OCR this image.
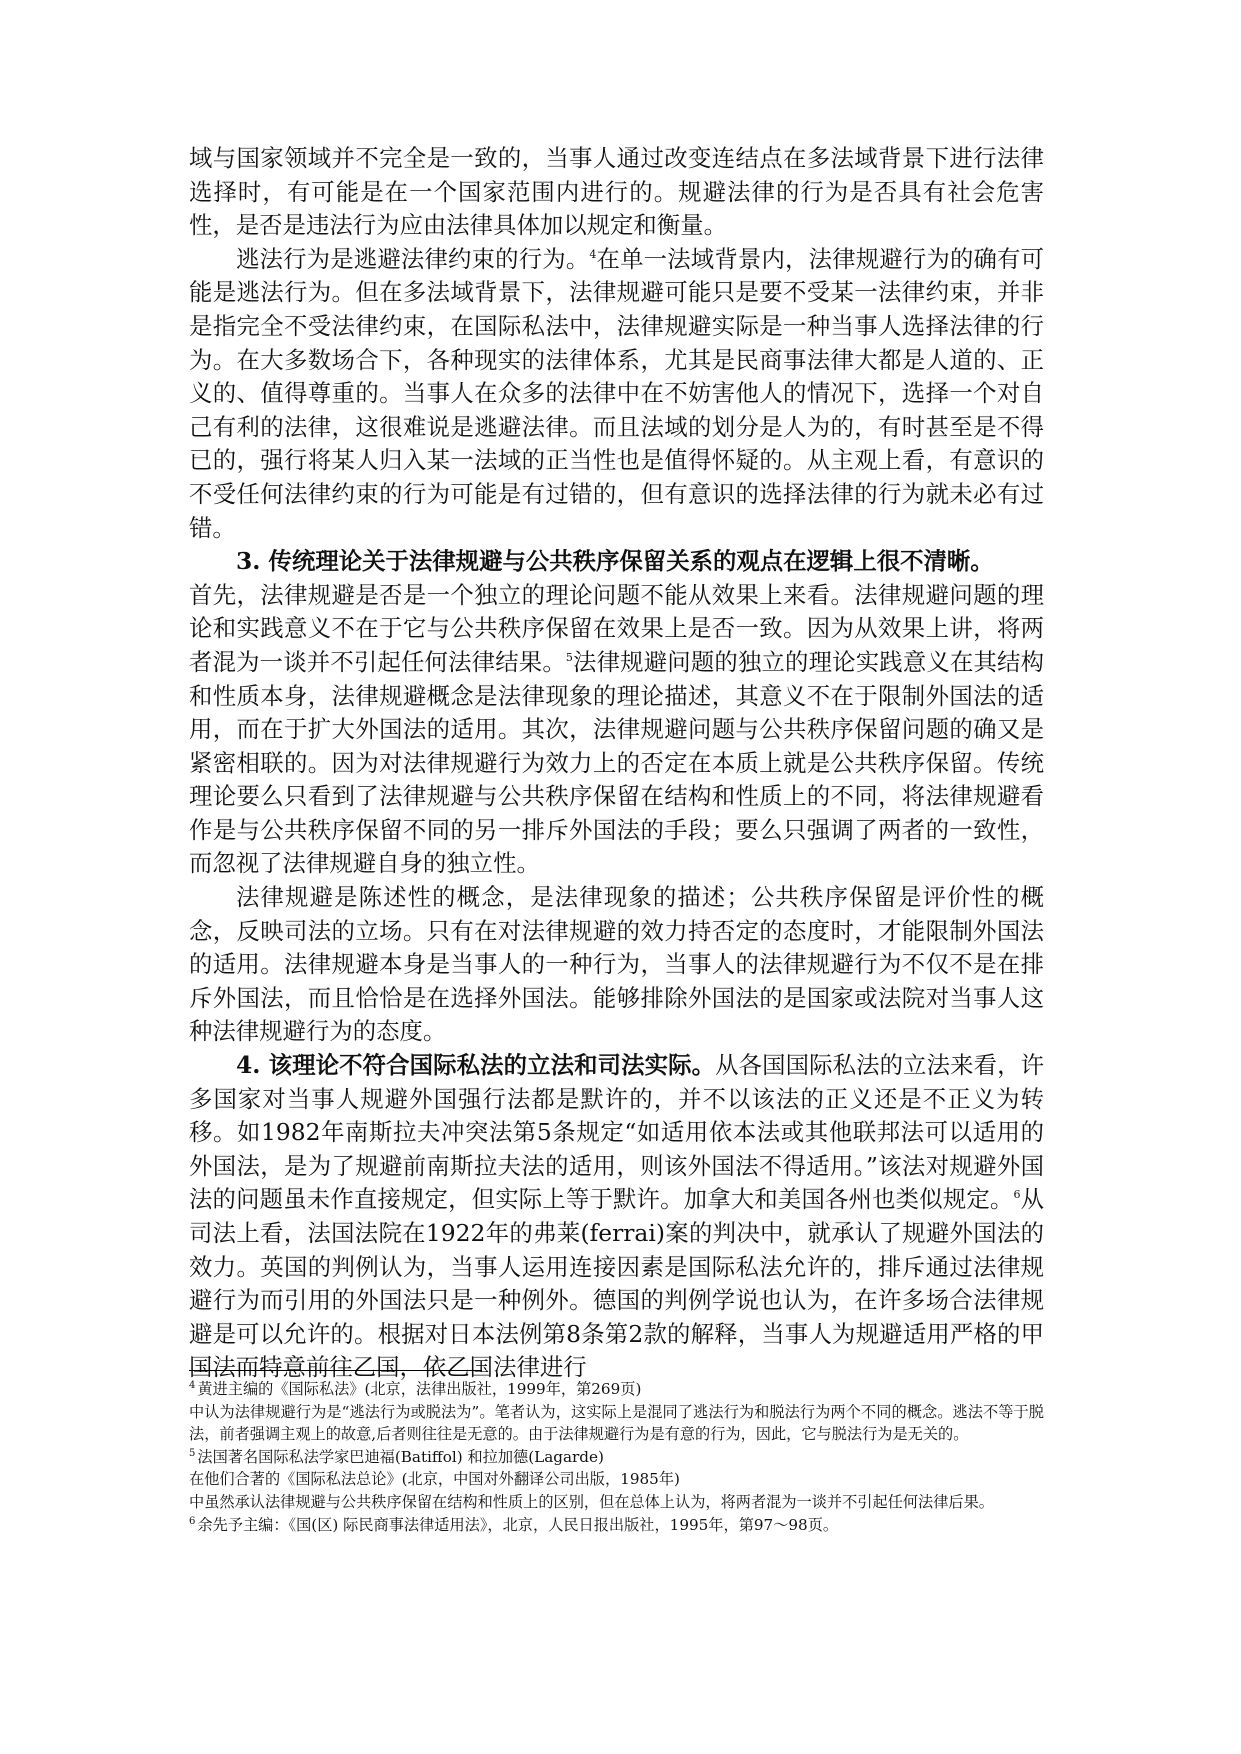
域与国家领域并不完全是一致的，当事人通过改变连结点在多法域背景下进行法律选择时，有可能是在一个国家范围内进行的。规避法律的行为是否具有社会危害性，是否是违法行为应由法律具体加以规定和衡量。

逃法行为是逃避法律约束的行为。$^4$在单一法域背景内，法律规避行为的确有可能是逃法行为。但在多法域背景下，法律规避可能只是要不受某一法律约束，并非是指完全不受法律约束，在国际私法中，法律规避实际是一种当事人选择法律的行为。在大多数场合下，各种现实的法律体系，尤其是民商事法律大都是人道的、正义的、值得尊重的。当事人在众多的法律中在不妨害他人的情况下，选择一个对自己有利的法律，这很难说是逃避法律。而且法域的划分是人为的，有时甚至是不得已的，强行将某人归入某一法域的正当性也是值得怀疑的。从主观上看，有意识的不受任何法律约束的行为可能是有过错的，但有意识的选择法律的行为就未必有过错。

3. 传统理论关于法律规避与公共秩序保留关系的观点在逻辑上很不清晰。

首先，法律规避是否是一个独立的理论问题不能从效果上来看。法律规避问题的理论和实践意义不在于它与公共秩序保留在效果上是否一致。因为从效果上讲，将两者混为一谈并不引起任何法律结果。$^5$法律规避问题的独立的理论实践意义在其结构和性质本身，法律规避概念是法律现象的理论描述，其意义不在于限制外国法的适用，而在于扩大外国法的适用。其次，法律规避问题与公共秩序保留问题的确又是紧密相联的。因为对法律规避行为效力上的否定在本质上就是公共秩序保留。传统理论要么只看到了法律规避与公共秩序保留在结构和性质上的不同，将法律规避看作是与公共秩序保留不同的另一排斥外国法的手段；要么只强调了两者的一致性，而忽视了法律规避自身的独立性。

法律规避是陈述性的概念，是法律现象的描述；公共秩序保留是评价性的概念，反映司法的立场。只有在对法律规避的效力持否定的态度时，才能限制外国法的适用。法律规避本身是当事人的一种行为，当事人的法律规避行为不仅不是在排斥外国法，而且恰恰是在选择外国法。能够排除外国法的是国家或法院对当事人这种法律规避行为的态度。

4. 该理论不符合国际私法的立法和司法实际。从各国国际私法的立法来看，许多国家对当事人规避外国强行法都是默许的，并不以该法的正义还是不正义为转移。如1982年南斯拉夫冲突法第5条规定“如适用依本法或其他联邦法可以适用的外国法，是为了规避前南斯拉夫法的适用，则该外国法不得适用。”该法对规避外国法的问题虽未作直接规定，但实际上等于默许。加拿大和美国各州也类似规定。$^6$从司法上看，法国法院在1922年的弗莱(ferrai)案的判决中，就承认了规避外国法的效力。英国的判例认为，当事人运用连接因素是国际私法允许的，排斥通过法律规避行为而引用的外国法只是一种例外。德国的判例学说也认为，在许多场合法律规避是可以允许的。根据对日本法例第8条第2款的解释，当事人为规避适用严格的甲国法而特意前往乙国，依乙国法律进行

$^4$ 黄进主编的《国际私法》(北京，法律出版社，1999年，第269页)

中认为法律规避行为是“逃法行为或脱法为”。笔者认为，这实际上是混同了逃法行为和脱法行为两个不同的概念。逃法不等于脱法，前者强调主观上的故意,后者则往往是无意的。由于法律规避行为是有意的行为，因此，它与脱法行为是无关的。

$^5$ 法国著名国际私法学家巴迪福(Batiffol) 和拉加德(Lagarde)

在他们合著的《国际私法总论》(北京，中国对外翻译公司出版，1985年)

中虽然承认法律规避与公共秩序保留在结构和性质上的区别，但在总体上认为，将两者混为一谈并不引起任何法律后果。

$^6$ 余先予主编：《国(区) 际民商事法律适用法》，北京，人民日报出版社，1995年，第97～98页。
